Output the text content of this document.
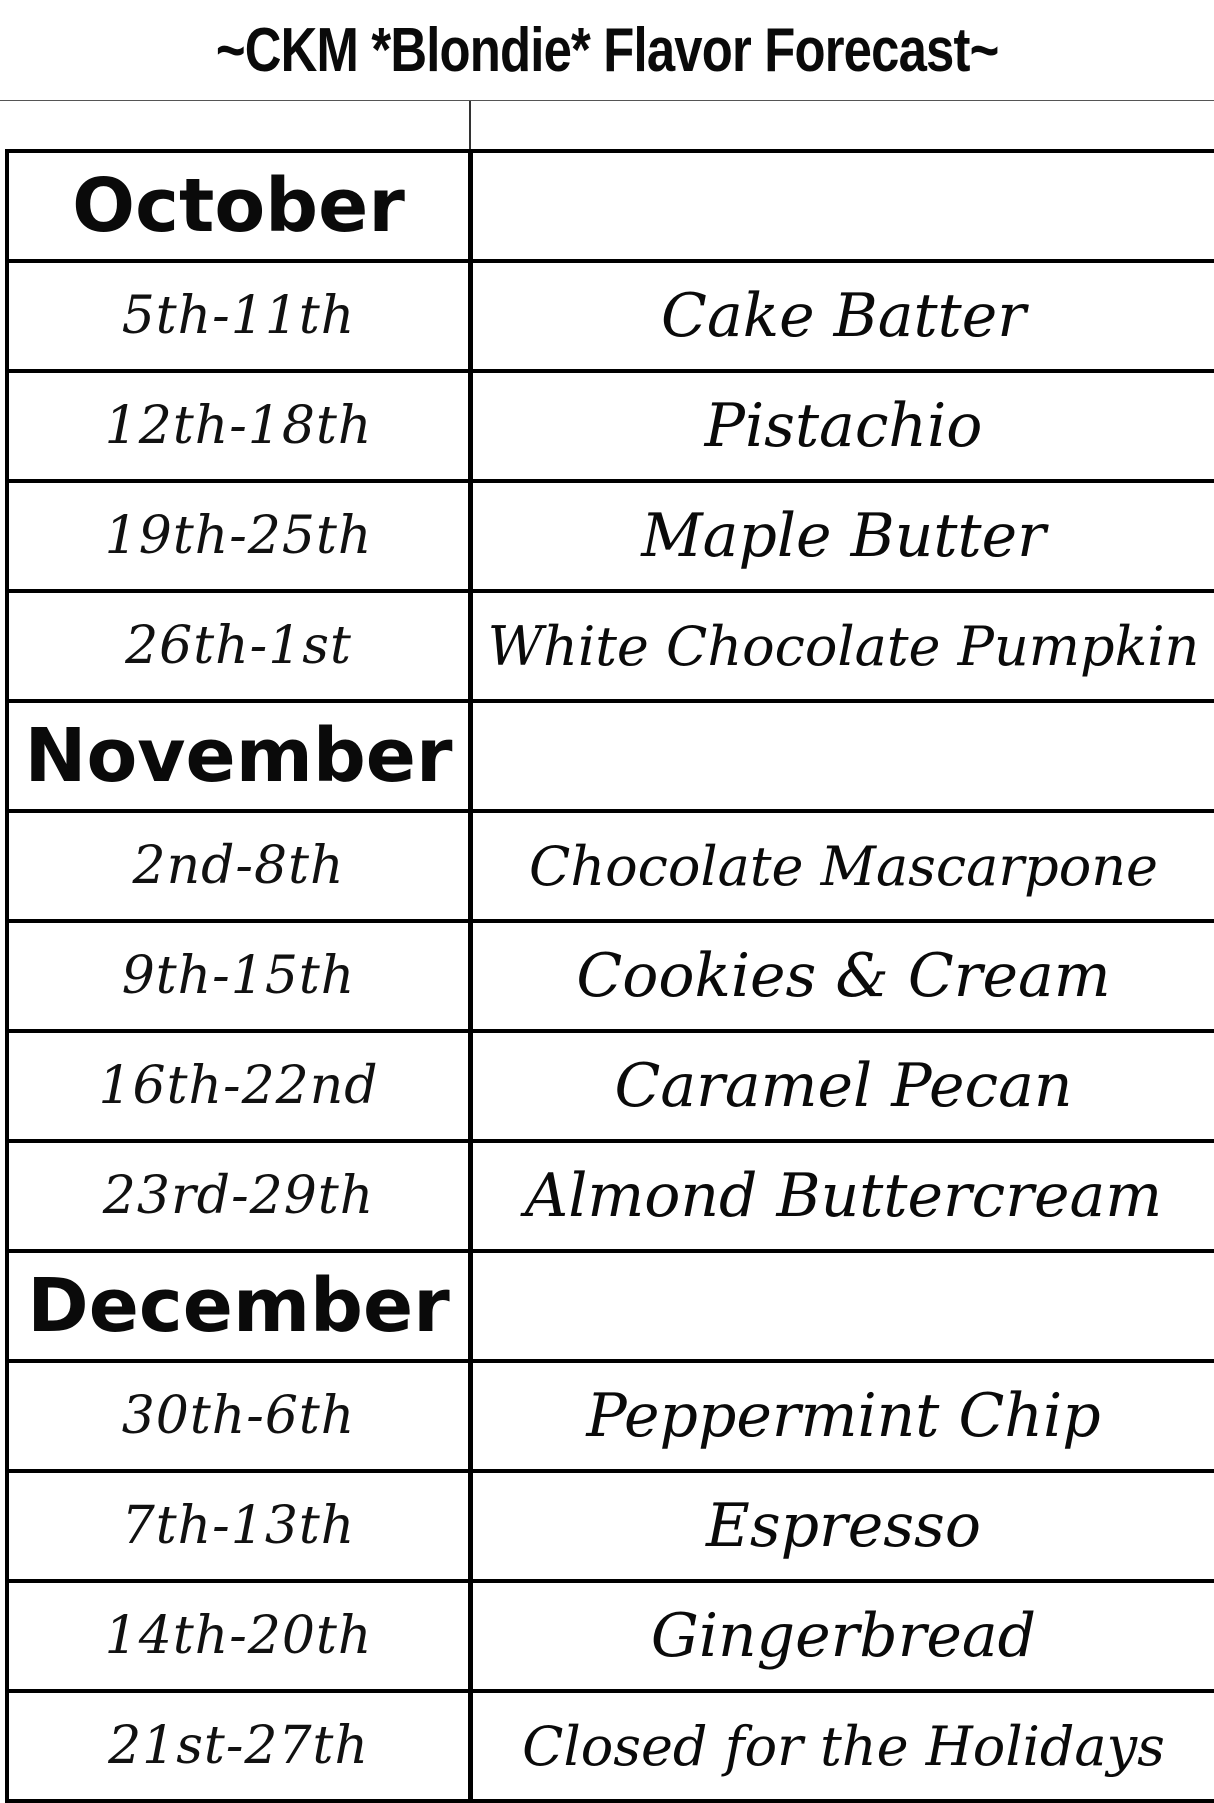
~CKM *Blondie* Flavor Forecast~
October
5th-11th	Cake Batter
12th-18th	Pistachio
19th-25th	Maple Butter
26th-1st	White Chocolate Pumpkin
November
2nd-8th	Chocolate Mascarpone
9th-15th	Cookies & Cream
16th-22nd	Caramel Pecan
23rd-29th	Almond Buttercream
December
30th-6th	Peppermint Chip
7th-13th	Espresso
14th-20th	Gingerbread
21st-27th	Closed for the Holidays
